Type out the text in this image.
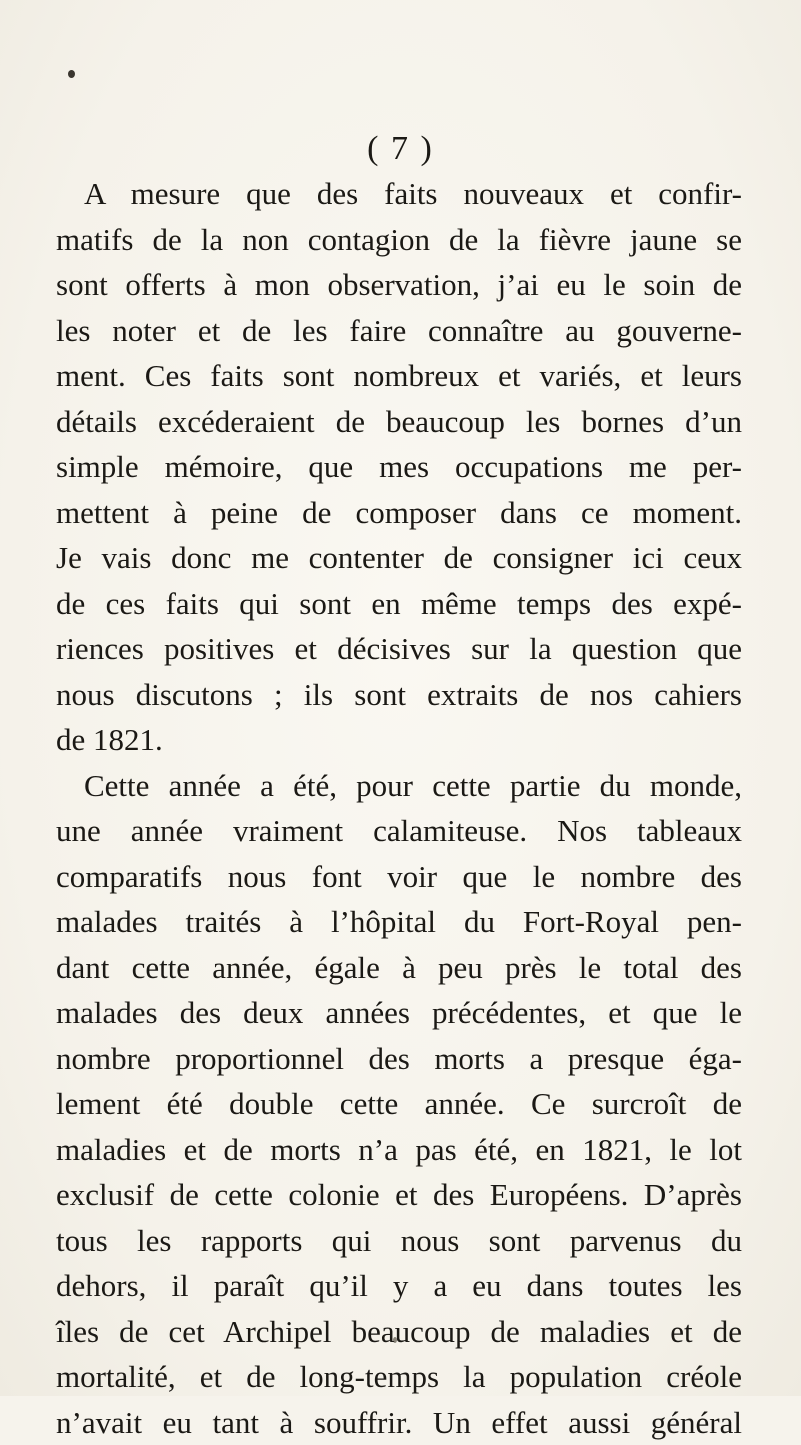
( 7 )
A mesure que des faits nouveaux et confir-
matifs de la non contagion de la fièvre jaune se
sont offerts à mon observation, j’ai eu le soin de
les noter et de les faire connaître au gouverne-
ment. Ces faits sont nombreux et variés, et leurs
détails excéderaient de beaucoup les bornes d’un
simple mémoire, que mes occupations me per-
mettent à peine de composer dans ce moment.
Je vais donc me contenter de consigner ici ceux
de ces faits qui sont en même temps des expé-
riences positives et décisives sur la question que
nous discutons ; ils sont extraits de nos cahiers
de 1821.
Cette année a été, pour cette partie du monde,
une année vraiment calamiteuse. Nos tableaux
comparatifs nous font voir que le nombre des
malades traités à l’hôpital du Fort-Royal pen-
dant cette année, égale à peu près le total des
malades des deux années précédentes, et que le
nombre proportionnel des morts a presque éga-
lement été double cette année. Ce surcroît de
maladies et de morts n’a pas été, en 1821, le lot
exclusif de cette colonie et des Européens. D’après
tous les rapports qui nous sont parvenus du
dehors, il paraît qu’il y a eu dans toutes les
îles de cet Archipel beaucoup de maladies et de
mortalité, et de long-temps la population créole
n’avait eu tant à souffrir. Un effet aussi général
